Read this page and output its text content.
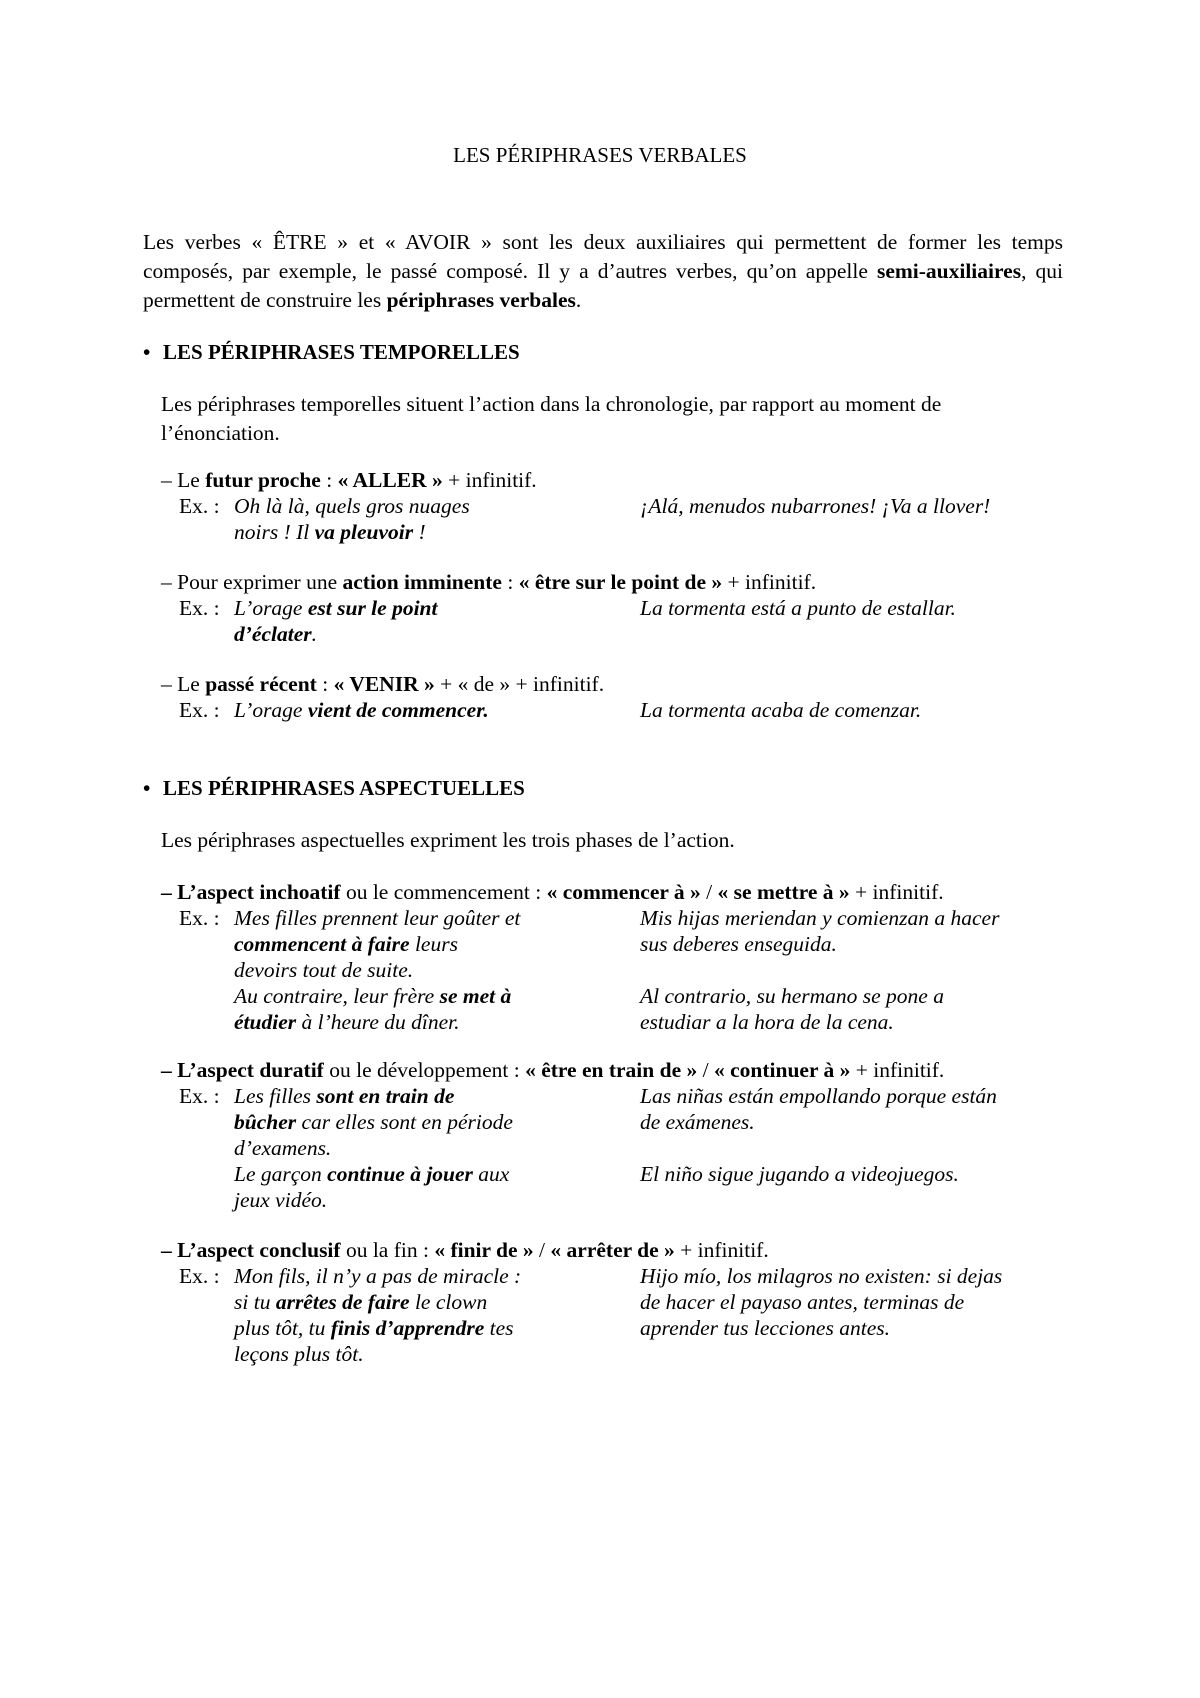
LES PÉRIPHRASES VERBALES
Les verbes « ÊTRE » et « AVOIR » sont les deux auxiliaires qui permettent de former les temps composés, par exemple, le passé composé. Il y a d’autres verbes, qu’on appelle semi-auxiliaires, qui permettent de construire les périphrases verbales.
• LES PÉRIPHRASES TEMPORELLES
Les périphrases temporelles situent l’action dans la chronologie, par rapport au moment de l’énonciation.
• LES PÉRIPHRASES ASPECTUELLES
Les périphrases aspectuelles expriment les trois phases de l’action.
– Le futur proche : « ALLER » + infinitif.
Ex. : Oh là là, quels gros nuages
noirs ! Il va pleuvoir !
¡Alá, menudos nubarrones! ¡Va a llover!
– Pour exprimer une action imminente : « être sur le point de » + infinitif.
Ex. : L’orage est sur le point
d’éclater.
La tormenta está a punto de estallar.
– Le passé récent : « VENIR » + « de » + infinitif.
Ex. : L’orage vient de commencer.	La tormenta acaba de comenzar.
– L’aspect inchoatif ou le commencement : « commencer à » / « se mettre à » + infinitif.
Ex. : Mes filles prennent leur goûter et
commencent à faire leurs
devoirs tout de suite.
Au contraire, leur frère se met à
étudier à l’heure du dîner.
Mis hijas meriendan y comienzan a hacer
sus deberes enseguida.
Al contrario, su hermano se pone a
estudiar a la hora de la cena.
– L’aspect duratif ou le développement : « être en train de » / « continuer à » + infinitif.
Ex. : Les filles sont en train de
bûcher car elles sont en période
d’examens.
Le garçon continue à jouer aux
jeux vidéo.
Las niñas están empollando porque están
de exámenes.
El niño sigue jugando a videojuegos.
– L’aspect conclusif ou la fin : « finir de » / « arrêter de » + infinitif.
Ex. : Mon fils, il n’y a pas de miracle :
si tu arrêtes de faire le clown
plus tôt, tu finis d’apprendre tes
leçons plus tôt.
Hijo mío, los milagros no existen: si dejas
de hacer el payaso antes, terminas de
aprender tus lecciones antes.
